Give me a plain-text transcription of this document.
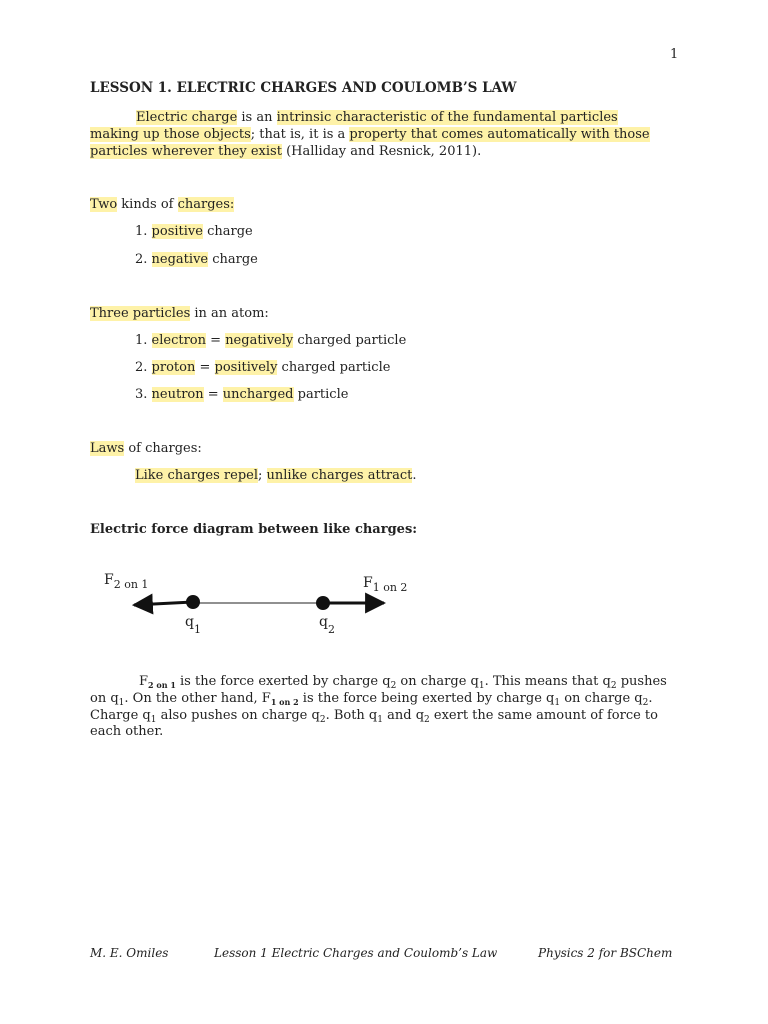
1
LESSON 1. ELECTRIC CHARGES AND COULOMB’S LAW
Electric charge is an intrinsic characteristic of the fundamental particles
making up those objects; that is, it is a property that comes automatically with those
particles wherever they exist (Halliday and Resnick, 2011).
Two kinds of charges:
1. positive charge
2. negative charge
Three particles in an atom:
1. electron = negatively charged particle
2. proton = positively charged particle
3. neutron = uncharged particle
Laws of charges:
Like charges repel; unlike charges attract.
Electric force diagram between like charges:
$F_{2 on 1}$	$F_{1 on 2}$
$q_1$	$q_2$
$F_{2 on 1}$ is the force exerted by charge $q_2$ on charge $q_1$. This means that $q_2$ pushes
on $q_1$. On the other hand, $F_{1 on 2}$ is the force being exerted by charge $q_1$ on charge $q_2$.
Charge $q_1$ also pushes on charge $q_2$. Both $q_1$ and $q_2$ exert the same amount of force to
each other.
M. E. Omiles	Lesson 1 Electric Charges and Coulomb’s Law	Physics 2 for BSChem
